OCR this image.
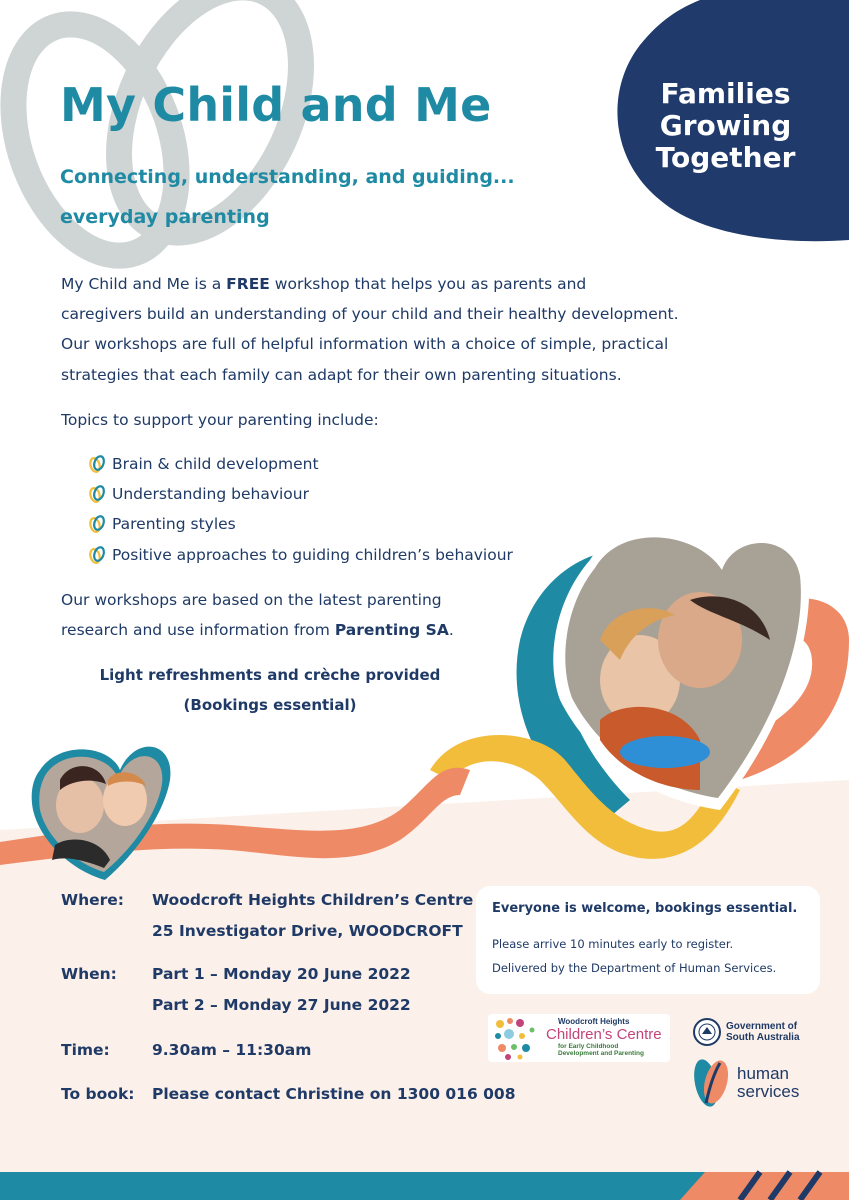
My Child and Me
Connecting, understanding, and guiding...
everyday parenting
Families
Growing
Together
My Child and Me is a FREE workshop that helps you as parents and
caregivers build an understanding of your child and their healthy development.
Our workshops are full of helpful information with a choice of simple, practical
strategies that each family can adapt for their own parenting situations.
Topics to support your parenting include:
Brain & child development
Understanding behaviour
Parenting styles
Positive approaches to guiding children’s behaviour
Our workshops are based on the latest parenting
research and use information from Parenting SA.
Light refreshments and crèche provided
(Bookings essential)
Where: Woodcroft Heights Children’s Centre
25 Investigator Drive, WOODCROFT
When: Part 1 – Monday 20 June 2022
Part 2 – Monday 27 June 2022
Time:	9.30am – 11:30am
To book: Please contact Christine on 1300 016 008
Everyone is welcome, bookings essential.
Please arrive 10 minutes early to register.
Delivered by the Department of Human Services.
Woodcroft Heights
Children’s Centre
for Early Childhood
Development and Parenting
Government of
South Australia
human
services
